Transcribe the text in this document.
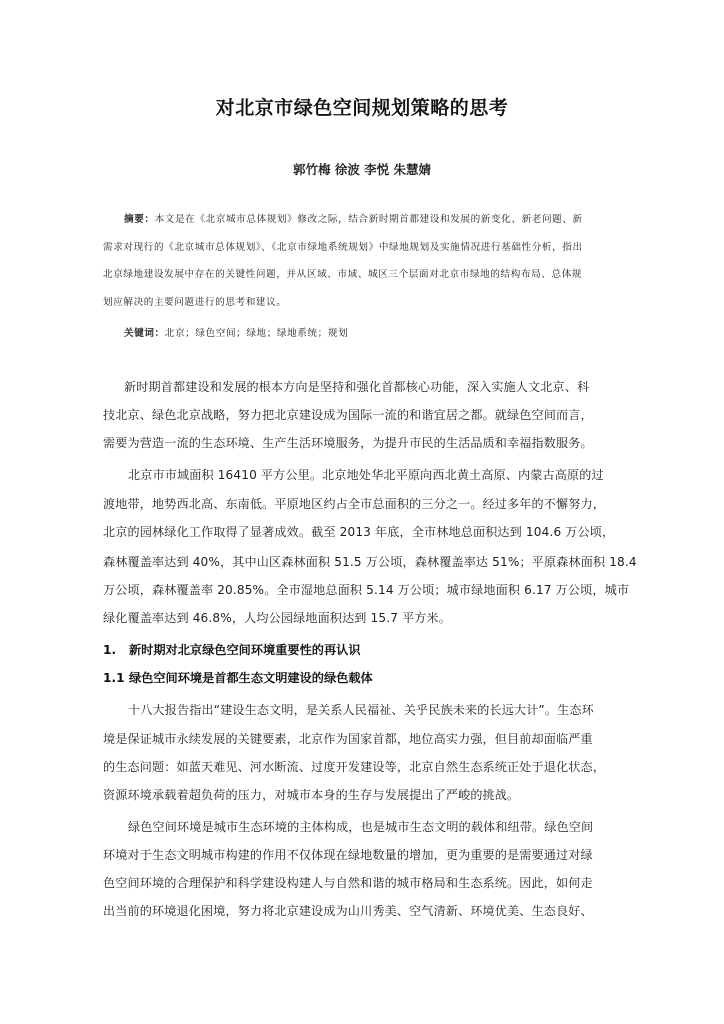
对北京市绿色空间规划策略的思考
郭竹梅 徐波 李悦 朱慧婧
摘要：本文是在《北京城市总体规划》修改之际，结合新时期首都建设和发展的新变化、新老问题、新
需求对现行的《北京城市总体规划》、《北京市绿地系统规划》中绿地规划及实施情况进行基础性分析，指出
北京绿地建设发展中存在的关键性问题，并从区域、市域、城区三个层面对北京市绿地的结构布局、总体规
划应解决的主要问题进行的思考和建议。
关键词：北京；绿色空间；绿地；绿地系统；规划
新时期首都建设和发展的根本方向是坚持和强化首都核心功能，深入实施人文北京、科
技北京、绿色北京战略，努力把北京建设成为国际一流的和谐宜居之都。就绿色空间而言，
需要为营造一流的生态环境、生产生活环境服务，为提升市民的生活品质和幸福指数服务。
北京市市域面积 16410 平方公里。北京地处华北平原向西北黄土高原、内蒙古高原的过
渡地带，地势西北高、东南低。平原地区约占全市总面积的三分之一。经过多年的不懈努力，
北京的园林绿化工作取得了显著成效。截至 2013 年底，全市林地总面积达到 104.6 万公顷，
森林覆盖率达到 40%，其中山区森林面积 51.5 万公顷，森林覆盖率达 51%；平原森林面积 18.4
万公顷，森林覆盖率 20.85%。全市湿地总面积 5.14 万公顷；城市绿地面积 6.17 万公顷，城市
绿化覆盖率达到 46.8%，人均公园绿地面积达到 15.7 平方米。
1. 新时期对北京绿色空间环境重要性的再认识
1.1 绿色空间环境是首都生态文明建设的绿色载体
十八大报告指出“建设生态文明，是关系人民福祉、关乎民族未来的长远大计”。生态环
境是保证城市永续发展的关键要素，北京作为国家首都，地位高实力强，但目前却面临严重
的生态问题：如蓝天难见、河水断流、过度开发建设等，北京自然生态系统正处于退化状态，
资源环境承载着超负荷的压力，对城市本身的生存与发展提出了严峻的挑战。
绿色空间环境是城市生态环境的主体构成，也是城市生态文明的载体和纽带。绿色空间
环境对于生态文明城市构建的作用不仅体现在绿地数量的增加，更为重要的是需要通过对绿
色空间环境的合理保护和科学建设构建人与自然和谐的城市格局和生态系统。因此，如何走
出当前的环境退化困境，努力将北京建设成为山川秀美、空气清新、环境优美、生态良好、
